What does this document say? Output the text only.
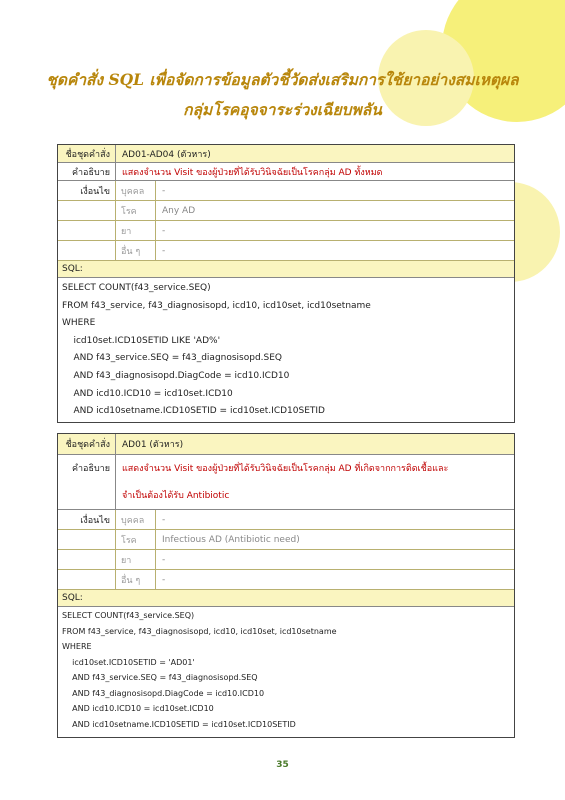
ชุดคำสั่ง SQL เพื่อจัดการข้อมูลตัวชี้วัดส่งเสริมการใช้ยาอย่างสมเหตุผล
กลุ่มโรคอุจจาระร่วงเฉียบพลัน
ชื่อชุดคำสั่ง	AD01-AD04 (ตัวหาร)
คำอธิบาย	แสดงจำนวน Visit ของผู้ป่วยที่ได้รับวินิจฉัยเป็นโรคกลุ่ม AD ทั้งหมด
เงื่อนไข	บุคคล	-
โรค	Any AD
ยา	-
อื่น ๆ	-
SQL:
SELECT COUNT(f43_service.SEQ)
FROM f43_service, f43_diagnosisopd, icd10, icd10set, icd10setname
WHERE
icd10set.ICD10SETID LIKE 'AD%'
AND f43_service.SEQ = f43_diagnosisopd.SEQ
AND f43_diagnosisopd.DiagCode = icd10.ICD10
AND icd10.ICD10 = icd10set.ICD10
AND icd10setname.ICD10SETID = icd10set.ICD10SETID
ชื่อชุดคำสั่ง	AD01 (ตัวหาร)
คำอธิบาย	แสดงจำนวน Visit ของผู้ป่วยที่ได้รับวินิจฉัยเป็นโรคกลุ่ม AD ที่เกิดจากการติดเชื้อและ
จำเป็นต้องได้รับ Antibiotic
เงื่อนไข	บุคคล	-
โรค	Infectious AD (Antibiotic need)
ยา	-
อื่น ๆ	-
SQL:
SELECT COUNT(f43_service.SEQ)
FROM f43_service, f43_diagnosisopd, icd10, icd10set, icd10setname
WHERE
icd10set.ICD10SETID = 'AD01'
AND f43_service.SEQ = f43_diagnosisopd.SEQ
AND f43_diagnosisopd.DiagCode = icd10.ICD10
AND icd10.ICD10 = icd10set.ICD10
AND icd10setname.ICD10SETID = icd10set.ICD10SETID
35
